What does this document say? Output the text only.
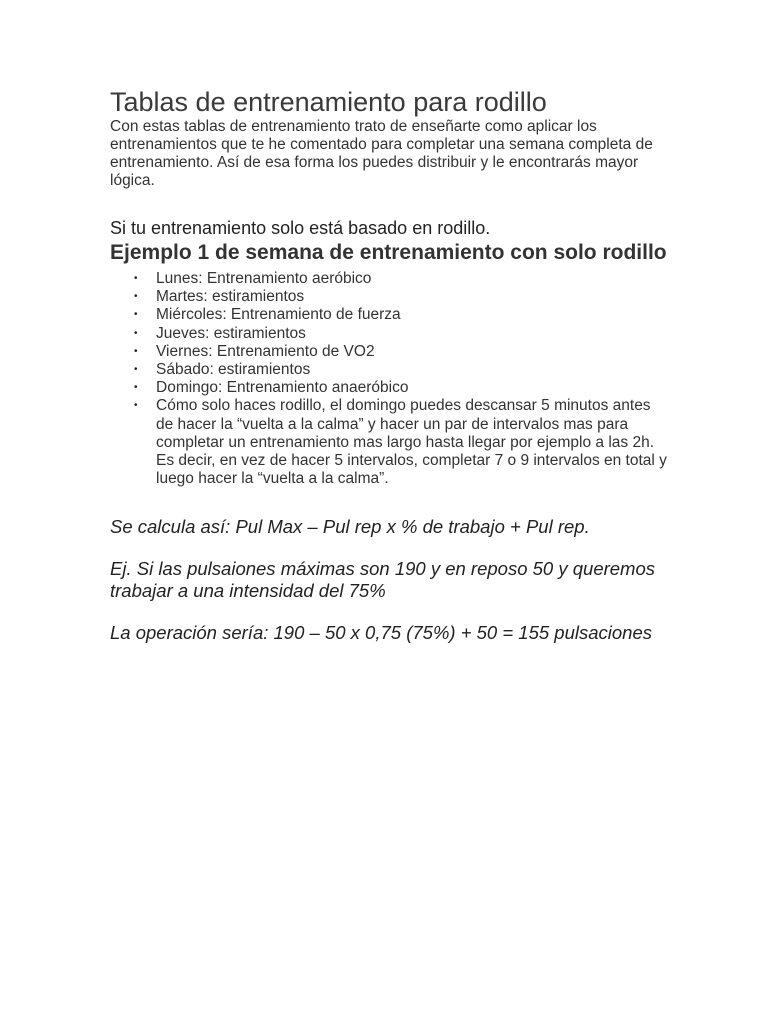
Tablas de entrenamiento para rodillo

Con estas tablas de entrenamiento trato de enseñarte como aplicar los entrenamientos que te he comentado para completar una semana completa de entrenamiento. Así de esa forma los puedes distribuir y le encontrarás mayor lógica.

Si tu entrenamiento solo está basado en rodillo.

Ejemplo 1 de semana de entrenamiento con solo rodillo
• Lunes: Entrenamiento aeróbico
• Martes: estiramientos
• Miércoles: Entrenamiento de fuerza
• Jueves: estiramientos
• Viernes: Entrenamiento de VO2
• Sábado: estiramientos
• Domingo: Entrenamiento anaeróbico
• Cómo solo haces rodillo, el domingo puedes descansar 5 minutos antes de hacer la “vuelta a la calma” y hacer un par de intervalos mas para completar un entrenamiento mas largo hasta llegar por ejemplo a las 2h. Es decir, en vez de hacer 5 intervalos, completar 7 o 9 intervalos en total y luego hacer la “vuelta a la calma”.

Se calcula así: Pul Max – Pul rep x % de trabajo + Pul rep.

Ej. Si las pulsaiones máximas son 190 y en reposo 50 y queremos trabajar a una intensidad del 75%

La operación sería: 190 – 50 x 0,75 (75%) + 50 = 155 pulsaciones
